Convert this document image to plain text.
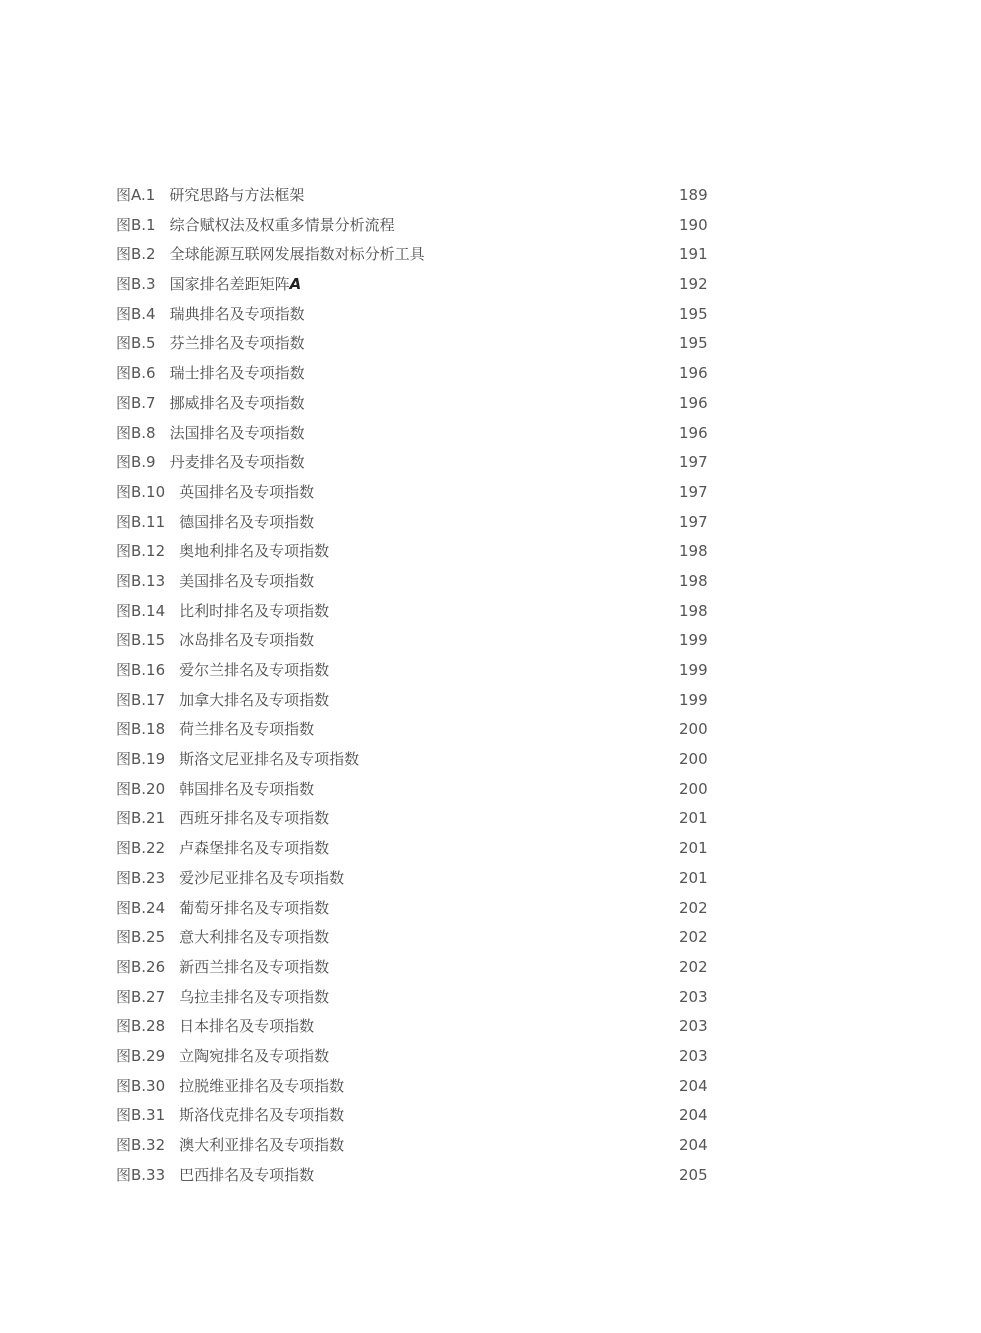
图A.1 研究思路与方法框架	189
图B.1 综合赋权法及权重多情景分析流程	190
图B.2 全球能源互联网发展指数对标分析工具	191
图B.3 国家排名差距矩阵A	192
图B.4 瑞典排名及专项指数	195
图B.5 芬兰排名及专项指数	195
图B.6 瑞士排名及专项指数	196
图B.7 挪威排名及专项指数	196
图B.8 法国排名及专项指数	196
图B.9 丹麦排名及专项指数	197
图B.10 英国排名及专项指数	197
图B.11 德国排名及专项指数	197
图B.12 奥地利排名及专项指数	198
图B.13 美国排名及专项指数	198
图B.14 比利时排名及专项指数	198
图B.15 冰岛排名及专项指数	199
图B.16 爱尔兰排名及专项指数	199
图B.17 加拿大排名及专项指数	199
图B.18 荷兰排名及专项指数	200
图B.19 斯洛文尼亚排名及专项指数	200
图B.20 韩国排名及专项指数	200
图B.21 西班牙排名及专项指数	201
图B.22 卢森堡排名及专项指数	201
图B.23 爱沙尼亚排名及专项指数	201
图B.24 葡萄牙排名及专项指数	202
图B.25 意大利排名及专项指数	202
图B.26 新西兰排名及专项指数	202
图B.27 乌拉圭排名及专项指数	203
图B.28 日本排名及专项指数	203
图B.29 立陶宛排名及专项指数	203
图B.30 拉脱维亚排名及专项指数	204
图B.31 斯洛伐克排名及专项指数	204
图B.32 澳大利亚排名及专项指数	204
图B.33 巴西排名及专项指数	205
